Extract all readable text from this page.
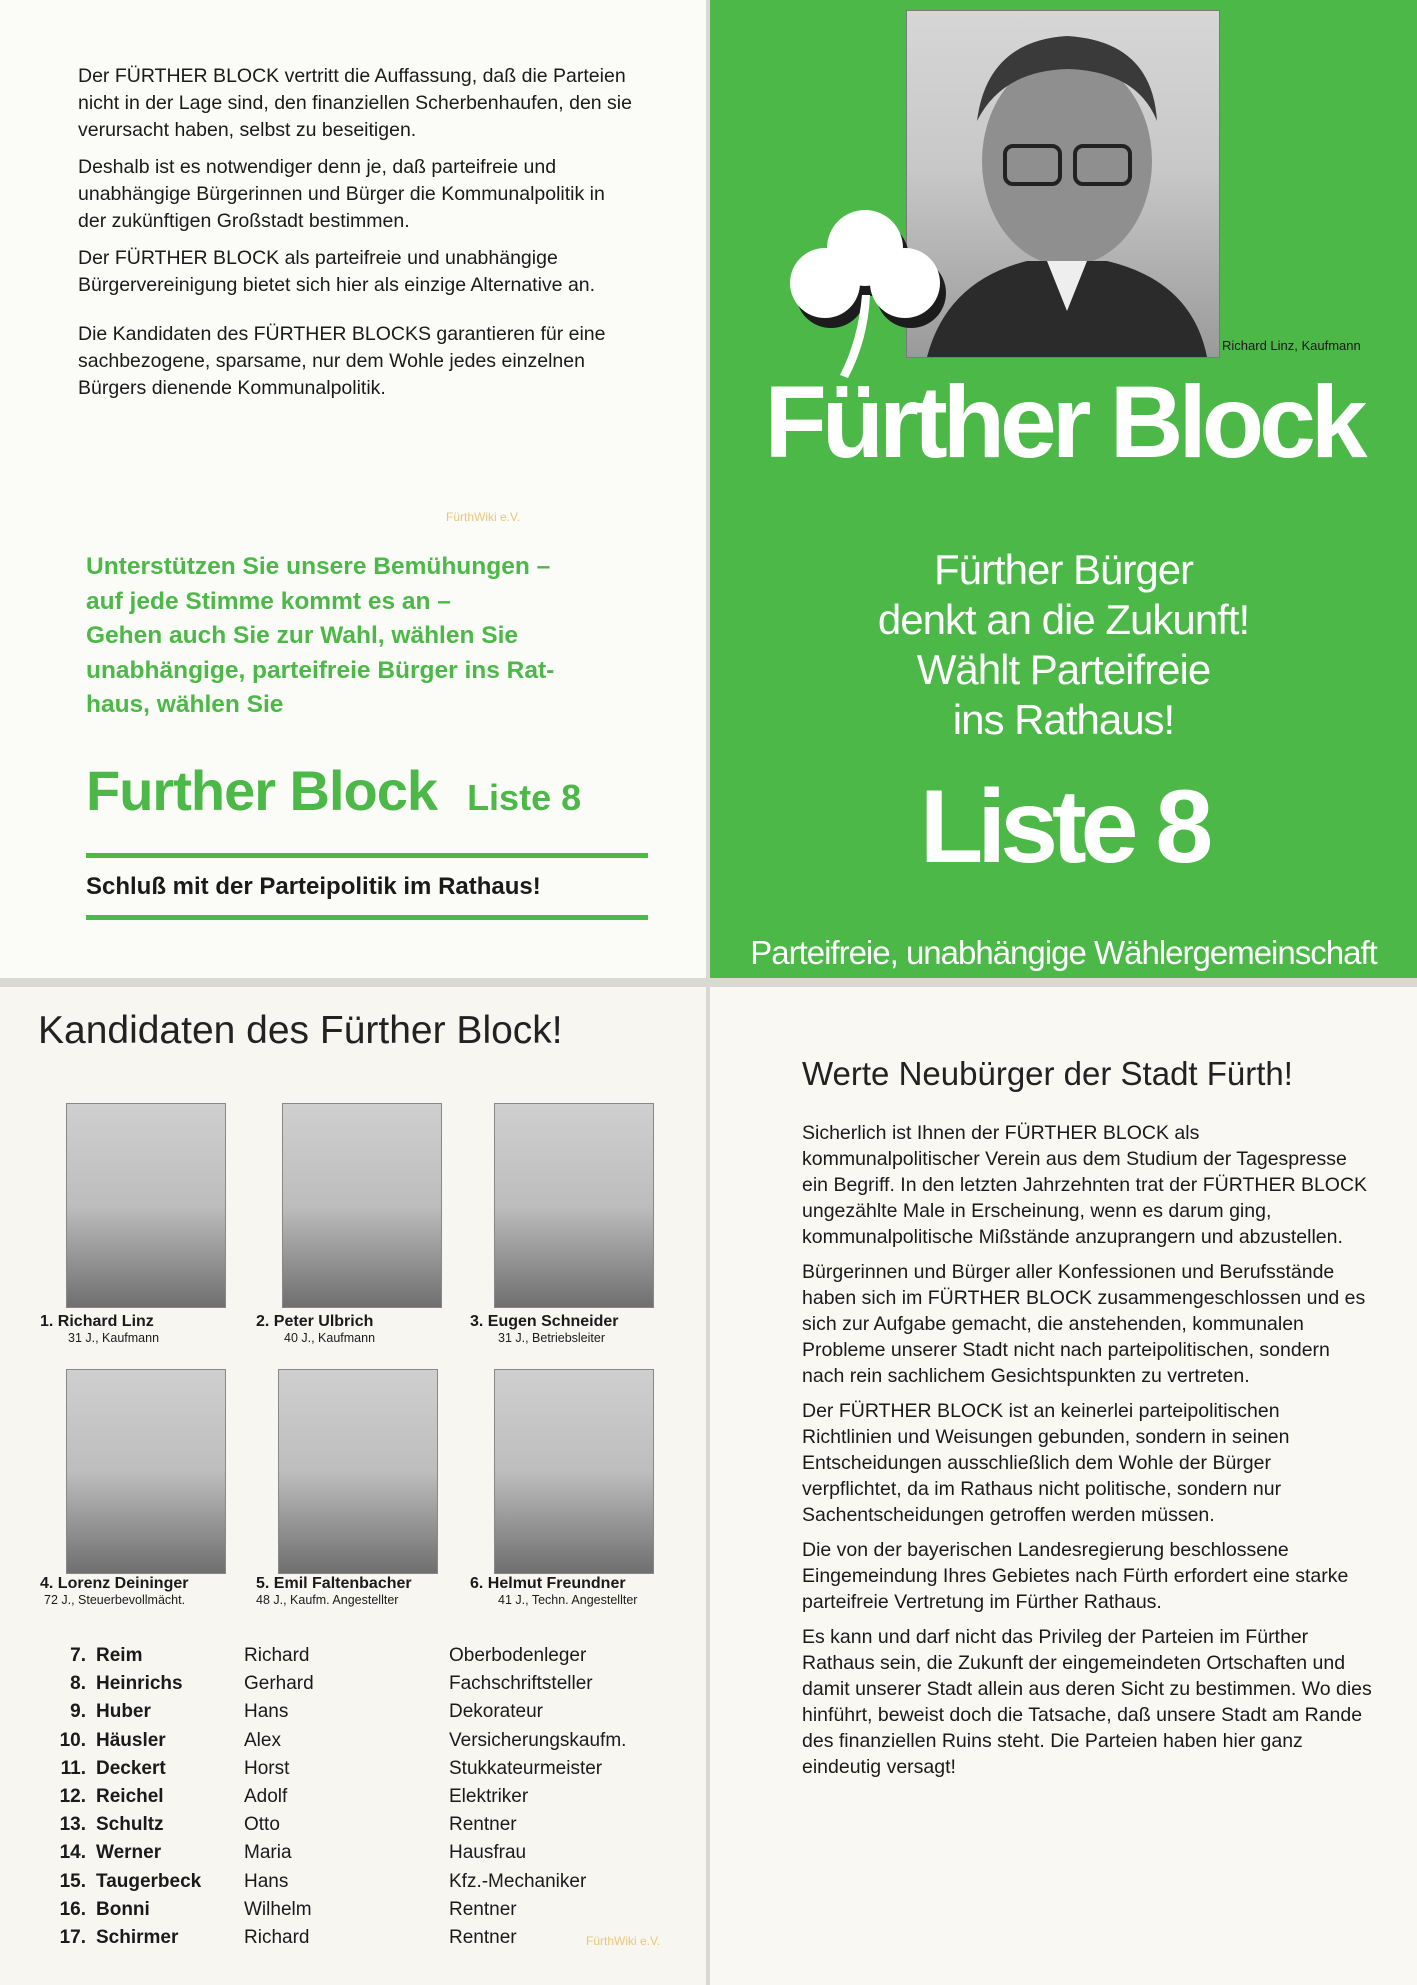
Der FÜRTHER BLOCK vertritt die Auffassung, daß die Parteien nicht in der Lage sind, den finanziellen Scherbenhaufen, den sie verursacht haben, selbst zu beseitigen.

Deshalb ist es notwendiger denn je, daß parteifreie und unabhängige Bürgerinnen und Bürger die Kommunalpolitik in der zukünftigen Großstadt bestimmen.

Der FÜRTHER BLOCK als parteifreie und unabhängige Bürgervereinigung bietet sich hier als einzige Alternative an.

Die Kandidaten des FÜRTHER BLOCKS garantieren für eine sachbezogene, sparsame, nur dem Wohle jedes einzelnen Bürgers dienende Kommunalpolitik.

FürthWiki e.V.
Unterstützen Sie unsere Bemühungen –
auf jede Stimme kommt es an –
Gehen auch Sie zur Wahl, wählen Sie
unabhängige, parteifreie Bürger ins Rat-
haus, wählen Sie
Further Block Liste 8
Schluß mit der Parteipolitik im Rathaus!
Richard Linz, Kaufmann
Fürther Block
Fürther Bürger
denkt an die Zukunft!
Wählt Parteifreie
ins Rathaus!
Liste 8
Parteifreie, unabhängige Wählergemeinschaft
Kandidaten des Fürther Block!
1. Richard Linz
31 J., Kaufmann
2. Peter Ulbrich
40 J., Kaufmann
3. Eugen Schneider
31 J., Betriebsleiter
4. Lorenz Deininger
72 J., Steuerbevollmächt.
5. Emil Faltenbacher
48 J., Kaufm. Angestellter
6. Helmut Freundner
41 J., Techn. Angestellter
7.	Reim	Richard	Oberbodenleger
8.	Heinrichs	Gerhard	Fachschriftsteller
9.	Huber	Hans	Dekorateur
10.	Häusler	Alex	Versicherungskaufm.
11.	Deckert	Horst	Stukkateurmeister
12.	Reichel	Adolf	Elektriker
13.	Schultz	Otto	Rentner
14.	Werner	Maria	Hausfrau
15.	Taugerbeck	Hans	Kfz.-Mechaniker
16.	Bonni	Wilhelm	Rentner
17.	Schirmer	Richard	Rentner	FürthWiki e.V.
Werte Neubürger der Stadt Fürth!

Sicherlich ist Ihnen der FÜRTHER BLOCK als kommunalpolitischer Verein aus dem Studium der Tagespresse ein Begriff. In den letzten Jahrzehnten trat der FÜRTHER BLOCK ungezählte Male in Erscheinung, wenn es darum ging, kommunalpolitische Mißstände anzuprangern und abzustellen.

Bürgerinnen und Bürger aller Konfessionen und Berufsstände haben sich im FÜRTHER BLOCK zusammengeschlossen und es sich zur Aufgabe gemacht, die anstehenden, kommunalen Probleme unserer Stadt nicht nach parteipolitischen, sondern nach rein sachlichem Gesichtspunkten zu vertreten.

Der FÜRTHER BLOCK ist an keinerlei parteipolitischen Richtlinien und Weisungen gebunden, sondern in seinen Entscheidungen ausschließlich dem Wohle der Bürger verpflichtet, da im Rathaus nicht politische, sondern nur Sachentscheidungen getroffen werden müssen.

Die von der bayerischen Landesregierung beschlossene Eingemeindung Ihres Gebietes nach Fürth erfordert eine starke parteifreie Vertretung im Fürther Rathaus.

Es kann und darf nicht das Privileg der Parteien im Fürther Rathaus sein, die Zukunft der eingemeindeten Ortschaften und damit unserer Stadt allein aus deren Sicht zu bestimmen. Wo dies hinführt, beweist doch die Tatsache, daß unsere Stadt am Rande des finanziellen Ruins steht. Die Parteien haben hier ganz eindeutig versagt!
